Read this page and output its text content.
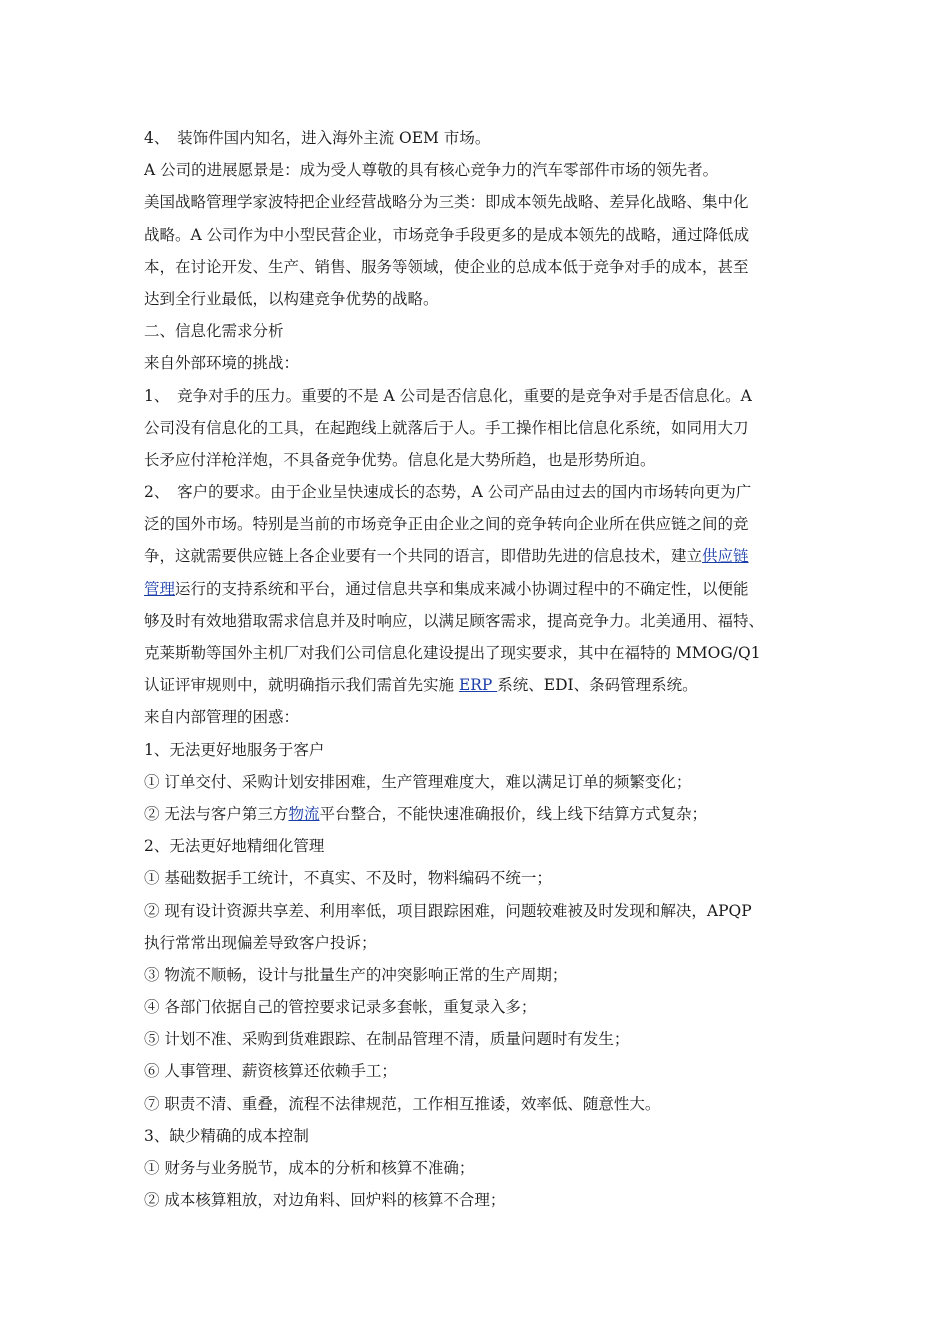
4、　装饰件国内知名，进入海外主流 OEM 市场。
A 公司的进展愿景是：成为受人尊敬的具有核心竞争力的汽车零部件市场的领先者。
美国战略管理学家波特把企业经营战略分为三类：即成本领先战略、差异化战略、集中化
战略。A 公司作为中小型民营企业，市场竞争手段更多的是成本领先的战略，通过降低成
本，在讨论开发、生产、销售、服务等领域，使企业的总成本低于竞争对手的成本，甚至
达到全行业最低，以构建竞争优势的战略。
二、信息化需求分析
来自外部环境的挑战：
1、　竞争对手的压力。重要的不是 A 公司是否信息化，重要的是竞争对手是否信息化。A
公司没有信息化的工具，在起跑线上就落后于人。手工操作相比信息化系统，如同用大刀
长矛应付洋枪洋炮，不具备竞争优势。信息化是大势所趋，也是形势所迫。
2、　客户的要求。由于企业呈快速成长的态势，A 公司产品由过去的国内市场转向更为广
泛的国外市场。特别是当前的市场竞争正由企业之间的竞争转向企业所在供应链之间的竞
争，这就需要供应链上各企业要有一个共同的语言，即借助先进的信息技术，建立供应链
管理运行的支持系统和平台，通过信息共享和集成来减小协调过程中的不确定性，以便能
够及时有效地猎取需求信息并及时响应，以满足顾客需求，提高竞争力。北美通用、福特、
克莱斯勒等国外主机厂对我们公司信息化建设提出了现实要求，其中在福特的 MMOG/Q1
认证评审规则中，就明确指示我们需首先实施 ERP 系统、EDI、条码管理系统。
来自内部管理的困惑：
1、无法更好地服务于客户
① 订单交付、采购计划安排困难，生产管理难度大，难以满足订单的频繁变化；
② 无法与客户第三方物流平台整合，不能快速准确报价，线上线下结算方式复杂；
2、无法更好地精细化管理
① 基础数据手工统计，不真实、不及时，物料编码不统一；
② 现有设计资源共享差、利用率低，项目跟踪困难，问题较难被及时发现和解决，APQP
执行常常出现偏差导致客户投诉；
③ 物流不顺畅，设计与批量生产的冲突影响正常的生产周期；
④ 各部门依据自己的管控要求记录多套帐，重复录入多；
⑤ 计划不准、采购到货难跟踪、在制品管理不清，质量问题时有发生；
⑥ 人事管理、薪资核算还依赖手工；
⑦ 职责不清、重叠，流程不法律规范，工作相互推诿，效率低、随意性大。
3、缺少精确的成本控制
① 财务与业务脱节，成本的分析和核算不准确；
② 成本核算粗放，对边角料、回炉料的核算不合理；
